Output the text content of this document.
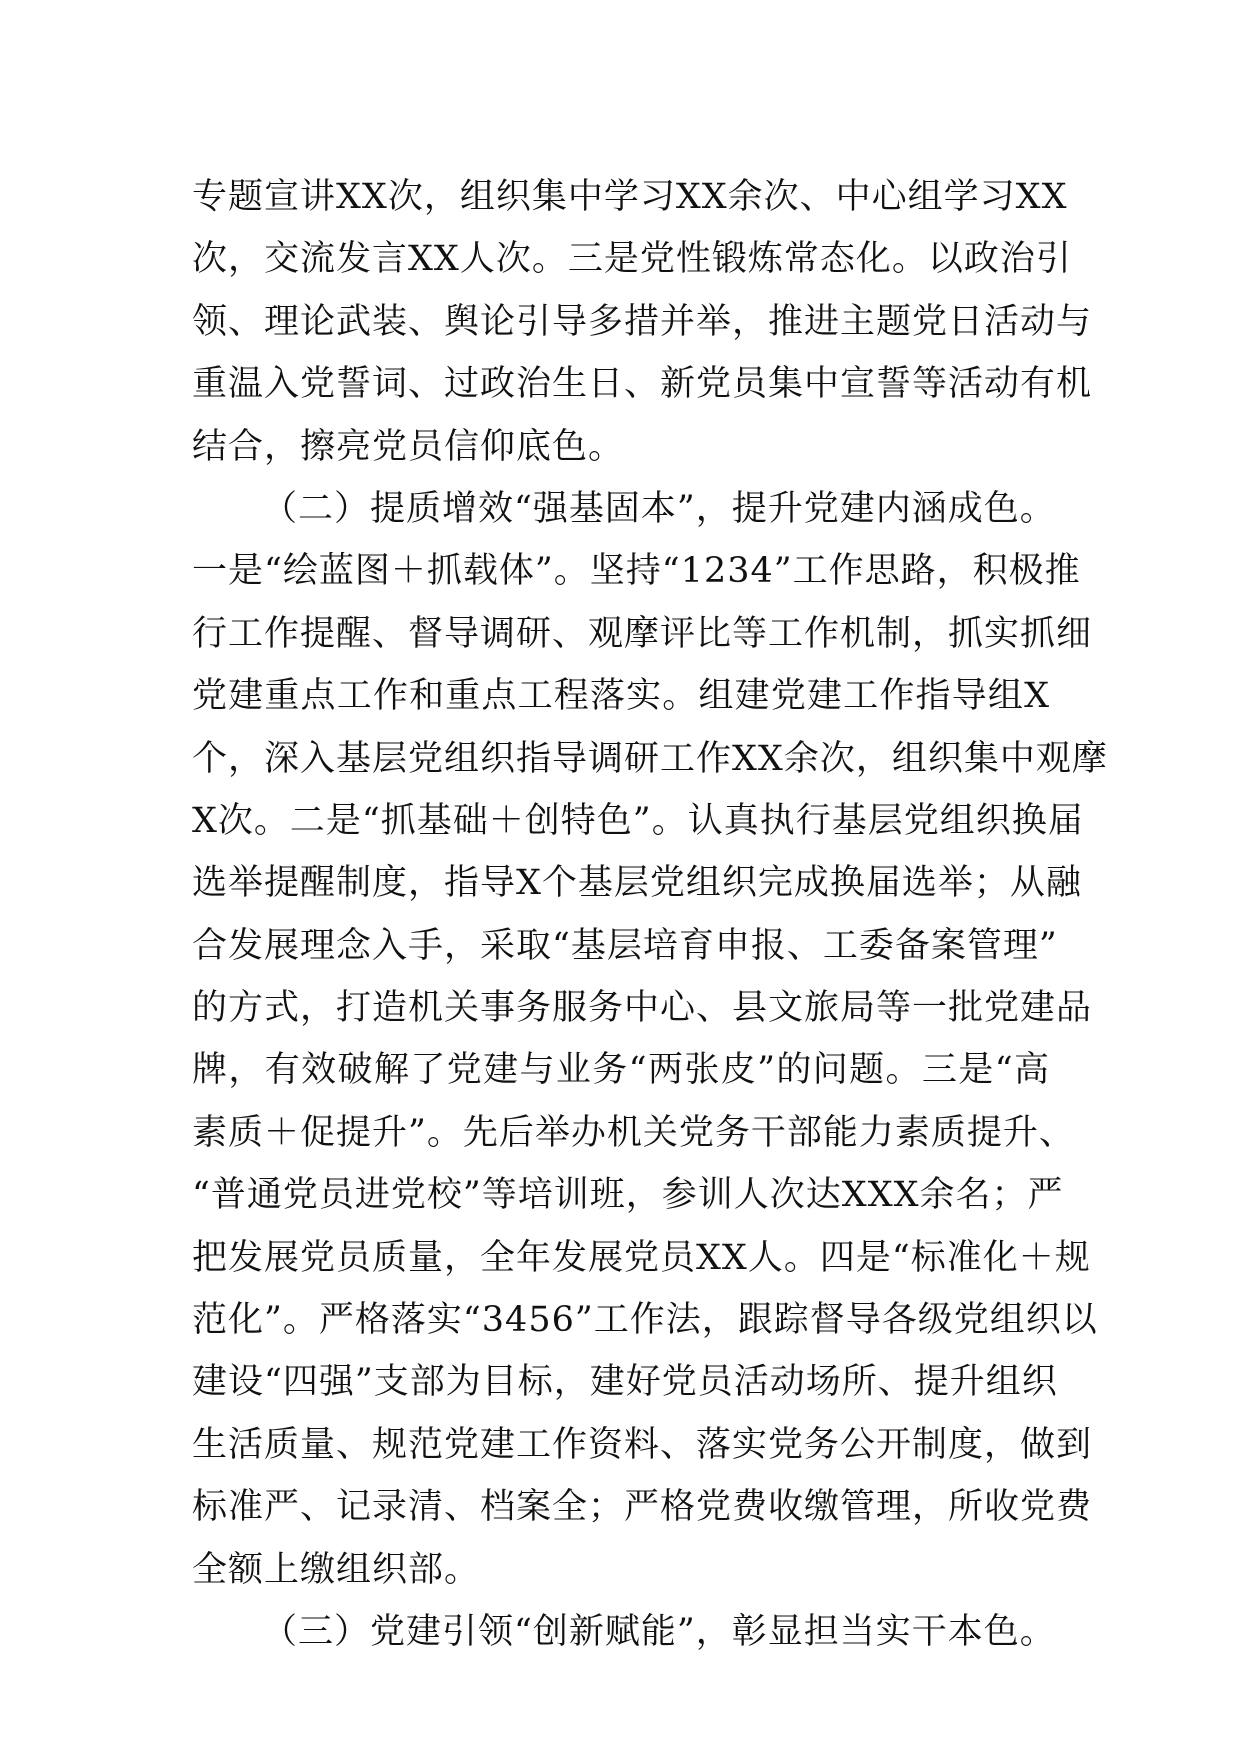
专题宣讲XX次，组织集中学习XX余次、中心组学习XX
次，交流发言XX人次。三是党性锻炼常态化。以政治引
领、理论武装、舆论引导多措并举，推进主题党日活动与
重温入党誓词、过政治生日、新党员集中宣誓等活动有机
结合，擦亮党员信仰底色。
（二）提质增效“强基固本”，提升党建内涵成色。
一是“绘蓝图＋抓载体”。坚持“1234”工作思路，积极推
行工作提醒、督导调研、观摩评比等工作机制，抓实抓细
党建重点工作和重点工程落实。组建党建工作指导组X
个，深入基层党组织指导调研工作XX余次，组织集中观摩
X次。二是“抓基础＋创特色”。认真执行基层党组织换届
选举提醒制度，指导X个基层党组织完成换届选举；从融
合发展理念入手，采取“基层培育申报、工委备案管理”
的方式，打造机关事务服务中心、县文旅局等一批党建品
牌，有效破解了党建与业务“两张皮”的问题。三是“高
素质＋促提升”。先后举办机关党务干部能力素质提升、
“普通党员进党校”等培训班，参训人次达XXX余名；严
把发展党员质量，全年发展党员XX人。四是“标准化＋规
范化”。严格落实“3456”工作法，跟踪督导各级党组织以
建设“四强”支部为目标，建好党员活动场所、提升组织
生活质量、规范党建工作资料、落实党务公开制度，做到
标准严、记录清、档案全；严格党费收缴管理，所收党费
全额上缴组织部。
（三）党建引领“创新赋能”，彰显担当实干本色。
